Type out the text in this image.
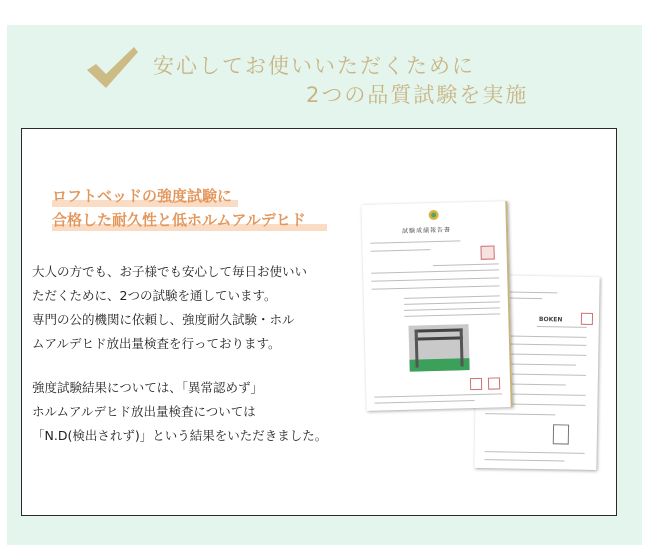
安心してお使いいただくために
2つの品質試験を実施
ロフトベッドの強度試験に
合格した耐久性と低ホルムアルデヒド
大人の方でも、お子様でも安心して毎日お使いい
ただくために、2つの試験を通しています。
専門の公的機関に依頼し、強度耐久試験・ホル
ムアルデヒド放出量検査を行っております。
強度試験結果については、「異常認めず」
ホルムアルデヒド放出量検査については
「N.D(検出されず)」という結果をいただきました。
BOKEN
試験成績報告書
